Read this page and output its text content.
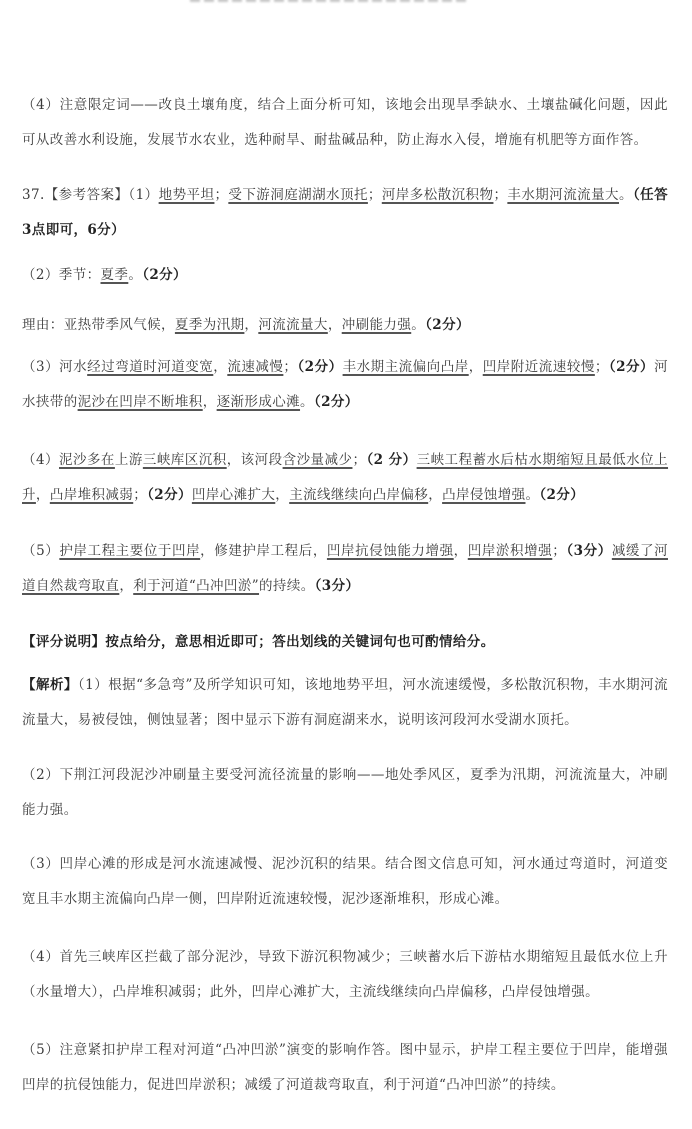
（4）注意限定词——改良土壤角度，结合上面分析可知，该地会出现旱季缺水、土壤盐碱化问题，因此可从改善水利设施，发展节水农业，选种耐旱、耐盐碱品种，防止海水入侵，增施有机肥等方面作答。
37.【参考答案】（1）地势平坦；受下游洞庭湖湖水顶托；河岸多松散沉积物；丰水期河流流量大。（任答3点即可，6分）
（2）季节：夏季。（2分）
理由：亚热带季风气候，夏季为汛期，河流流量大，冲刷能力强。（2分）
（3）河水经过弯道时河道变宽，流速减慢；（2分）丰水期主流偏向凸岸，凹岸附近流速较慢；（2分）河水挟带的泥沙在凹岸不断堆积，逐渐形成心滩。（2分）
（4）泥沙多在上游三峡库区沉积，该河段含沙量减少；（2 分）三峡工程蓄水后枯水期缩短且最低水位上升，凸岸堆积减弱；（2分）凹岸心滩扩大，主流线继续向凸岸偏移，凸岸侵蚀增强。（2分）
（5）护岸工程主要位于凹岸，修建护岸工程后，凹岸抗侵蚀能力增强，凹岸淤积增强；（3分）减缓了河道自然裁弯取直，利于河道“凸冲凹淤”的持续。（3分）
【评分说明】按点给分，意思相近即可；答出划线的关键词句也可酌情给分。
【解析】（1）根据“多急弯”及所学知识可知，该地地势平坦，河水流速缓慢，多松散沉积物，丰水期河流流量大，易被侵蚀，侧蚀显著；图中显示下游有洞庭湖来水，说明该河段河水受湖水顶托。
（2）下荆江河段泥沙冲刷量主要受河流径流量的影响——地处季风区，夏季为汛期，河流流量大，冲刷能力强。
（3）凹岸心滩的形成是河水流速减慢、泥沙沉积的结果。结合图文信息可知，河水通过弯道时，河道变宽且丰水期主流偏向凸岸一侧，凹岸附近流速较慢，泥沙逐渐堆积，形成心滩。
（4）首先三峡库区拦截了部分泥沙，导致下游沉积物减少；三峡蓄水后下游枯水期缩短且最低水位上升（水量增大），凸岸堆积减弱；此外，凹岸心滩扩大，主流线继续向凸岸偏移，凸岸侵蚀增强。
（5）注意紧扣护岸工程对河道“凸冲凹淤”演变的影响作答。图中显示，护岸工程主要位于凹岸，能增强凹岸的抗侵蚀能力，促进凹岸淤积；减缓了河道裁弯取直，利于河道“凸冲凹淤”的持续。
